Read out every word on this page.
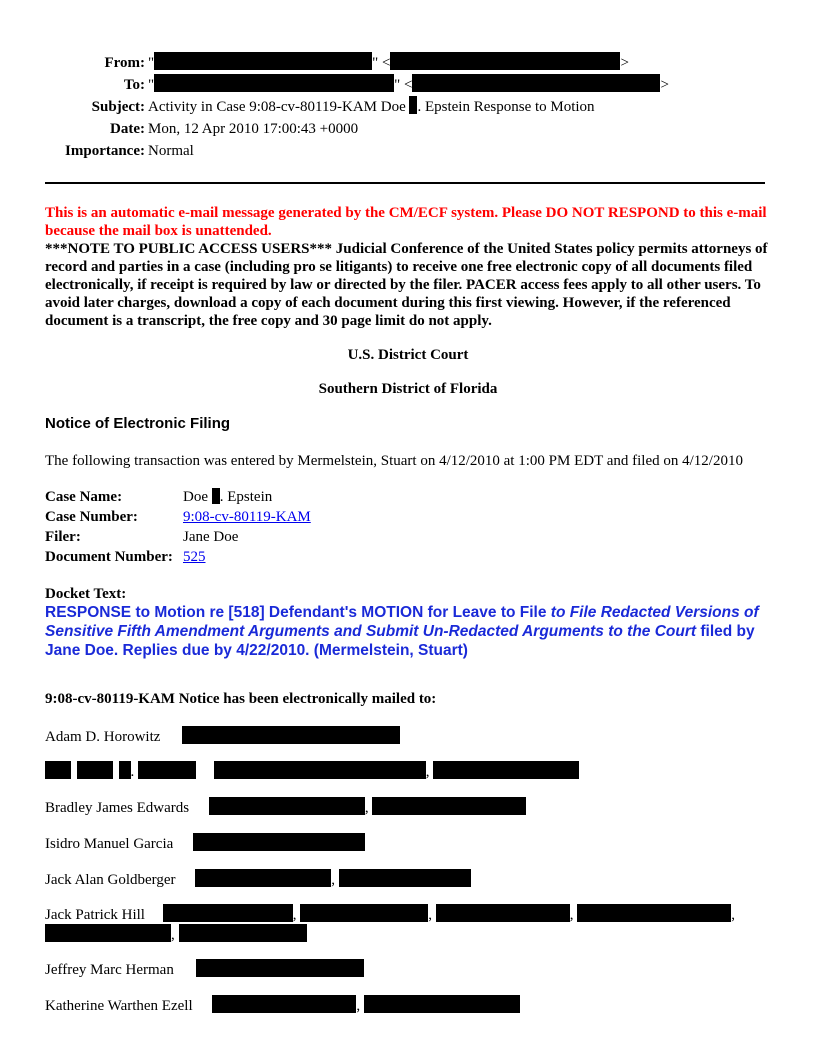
From: "	" <	>
To: "	" <	>
Subject: Activity in Case 9:08-cv-80119-KAM Doe . Epstein Response to Motion
Date: Mon, 12 Apr 2010 17:00:43 +0000
Importance: Normal
This is an automatic e-mail message generated by the CM/ECF system. Please DO NOT RESPOND to this e-mail because the mail box is unattended.
***NOTE TO PUBLIC ACCESS USERS*** Judicial Conference of the United States policy permits attorneys of record and parties in a case (including pro se litigants) to receive one free electronic copy of all documents filed electronically, if receipt is required by law or directed by the filer. PACER access fees apply to all other users. To avoid later charges, download a copy of each document during this first viewing. However, if the referenced document is a transcript, the free copy and 30 page limit do not apply.
U.S. District Court
Southern District of Florida
Notice of Electronic Filing
The following transaction was entered by Mermelstein, Stuart on 4/12/2010 at 1:00 PM EDT and filed on 4/12/2010
Case Name:	Doe . Epstein
Case Number:	9:08-cv-80119-KAM
Filer:	Jane Doe
Document Number:	525
Docket Text:
RESPONSE to Motion re [518] Defendant's MOTION for Leave to File to File Redacted Versions of Sensitive Fifth Amendment Arguments and Submit Un-Redacted Arguments to the Court filed by Jane Doe. Replies due by 4/22/2010. (Mermelstein, Stuart)
9:08-cv-80119-KAM Notice has been electronically mailed to:
Adam D. Horowitz
.	,
Bradley James Edwards	,
Isidro Manuel Garcia
Jack Alan Goldberger	,
Jack Patrick Hill	,	,	,	,
,
Jeffrey Marc Herman
Katherine Warthen Ezell	,
